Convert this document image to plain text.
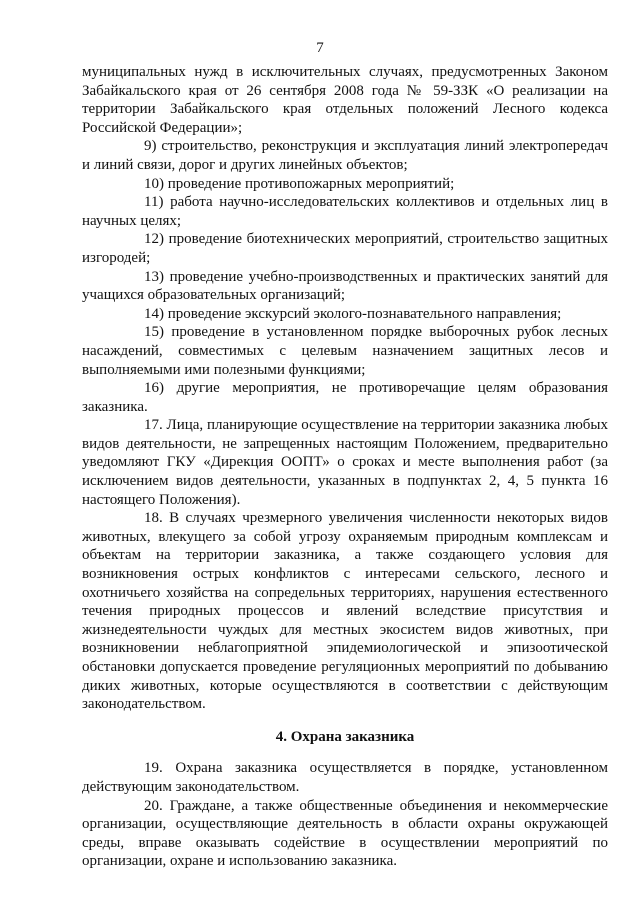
7

муниципальных нужд в исключительных случаях, предусмотренных Законом Забайкальского края от 26 сентября 2008 года № 59-ЗЗК «О реализации на территории Забайкальского края отдельных положений Лесного кодекса Российской Федерации»;

9) строительство, реконструкция и эксплуатация линий электропередач и линий связи, дорог и других линейных объектов;

10) проведение противопожарных мероприятий;

11) работа научно-исследовательских коллективов и отдельных лиц в научных целях;

12) проведение биотехнических мероприятий, строительство защитных изгородей;

13) проведение учебно-производственных и практических занятий для учащихся образовательных организаций;

14) проведение экскурсий эколого-познавательного направления;

15) проведение в установленном порядке выборочных рубок лесных насаждений, совместимых с целевым назначением защитных лесов и выполняемыми ими полезными функциями;

16) другие мероприятия, не противоречащие целям образования заказника.

17. Лица, планирующие осуществление на территории заказника любых видов деятельности, не запрещенных настоящим Положением, предварительно уведомляют ГКУ «Дирекция ООПТ» о сроках и месте выполнения работ (за исключением видов деятельности, указанных в подпунктах 2, 4, 5 пункта 16 настоящего Положения).

18. В случаях чрезмерного увеличения численности некоторых видов животных, влекущего за собой угрозу охраняемым природным комплексам и объектам на территории заказника, а также создающего условия для возникновения острых конфликтов с интересами сельского, лесного и охотничьего хозяйства на сопредельных территориях, нарушения естественного течения природных процессов и явлений вследствие присутствия и жизнедеятельности чуждых для местных экосистем видов животных, при возникновении неблагоприятной эпидемиологической и эпизоотической обстановки допускается проведение регуляционных мероприятий по добыванию диких животных, которые осуществляются в соответствии с действующим законодательством.

4. Охрана заказника

19. Охрана заказника осуществляется в порядке, установленном действующим законодательством.

20. Граждане, а также общественные объединения и некоммерческие организации, осуществляющие деятельность в области охраны окружающей среды, вправе оказывать содействие в осуществлении мероприятий по организации, охране и использованию заказника.
